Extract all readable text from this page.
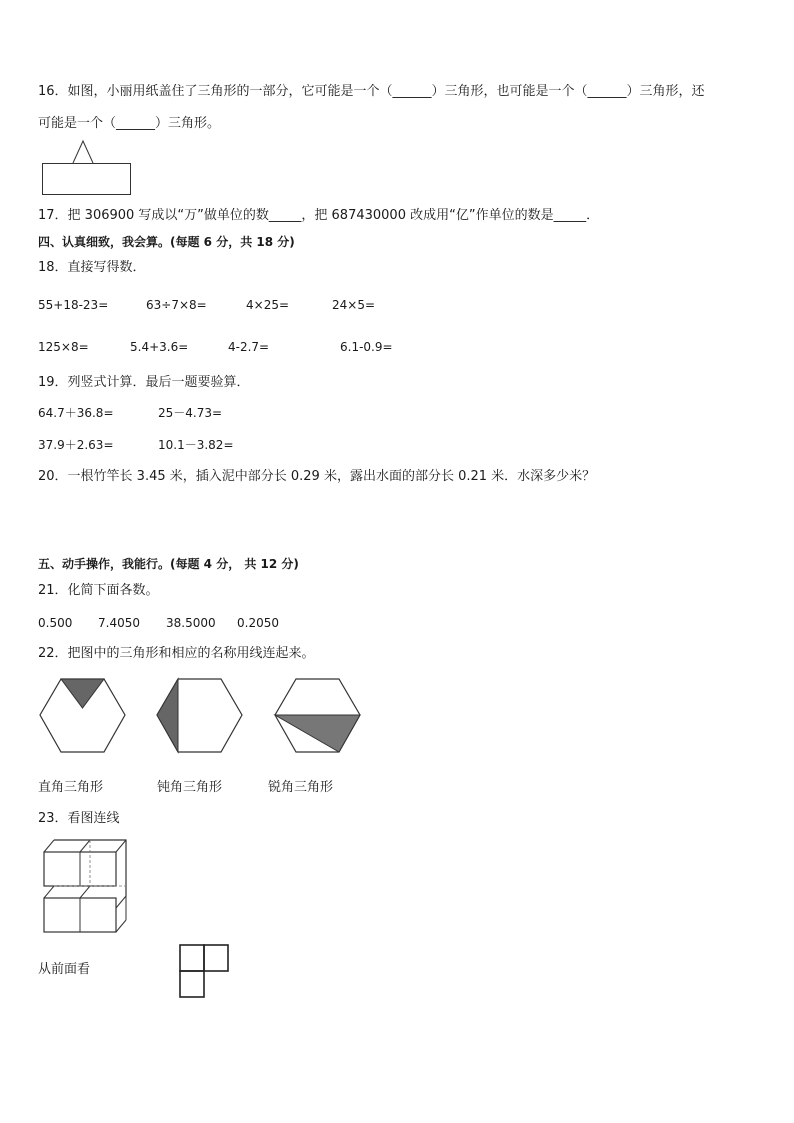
16．如图，小丽用纸盖住了三角形的一部分，它可能是一个（______）三角形，也可能是一个（______）三角形，还
可能是一个（______）三角形。
17．把 306900 写成以“万”做单位的数_____，把 687430000 改成用“亿”作单位的数是_____．
四、认真细致，我会算。(每题 6 分，共 18 分)
18．直接写得数．
55+18-23=	63÷7×8=	4×25=	24×5=
125×8=	5.4+3.6=	4-2.7=	6.1-0.9=
19．列竖式计算．最后一题要验算．
64.7＋36.8=	25－4.73=
37.9＋2.63=	10.1－3.82=
20．一根竹竿长 3.45 米，插入泥中部分长 0.29 米，露出水面的部分长 0.21 米．水深多少米？
五、动手操作，我能行。(每题 4 分， 共 12 分)
21．化简下面各数。
0.500 7.4050 38.5000 0.2050
22．把图中的三角形和相应的名称用线连起来。
直角三角形	钝角三角形	锐角三角形
23．看图连线
从前面看
